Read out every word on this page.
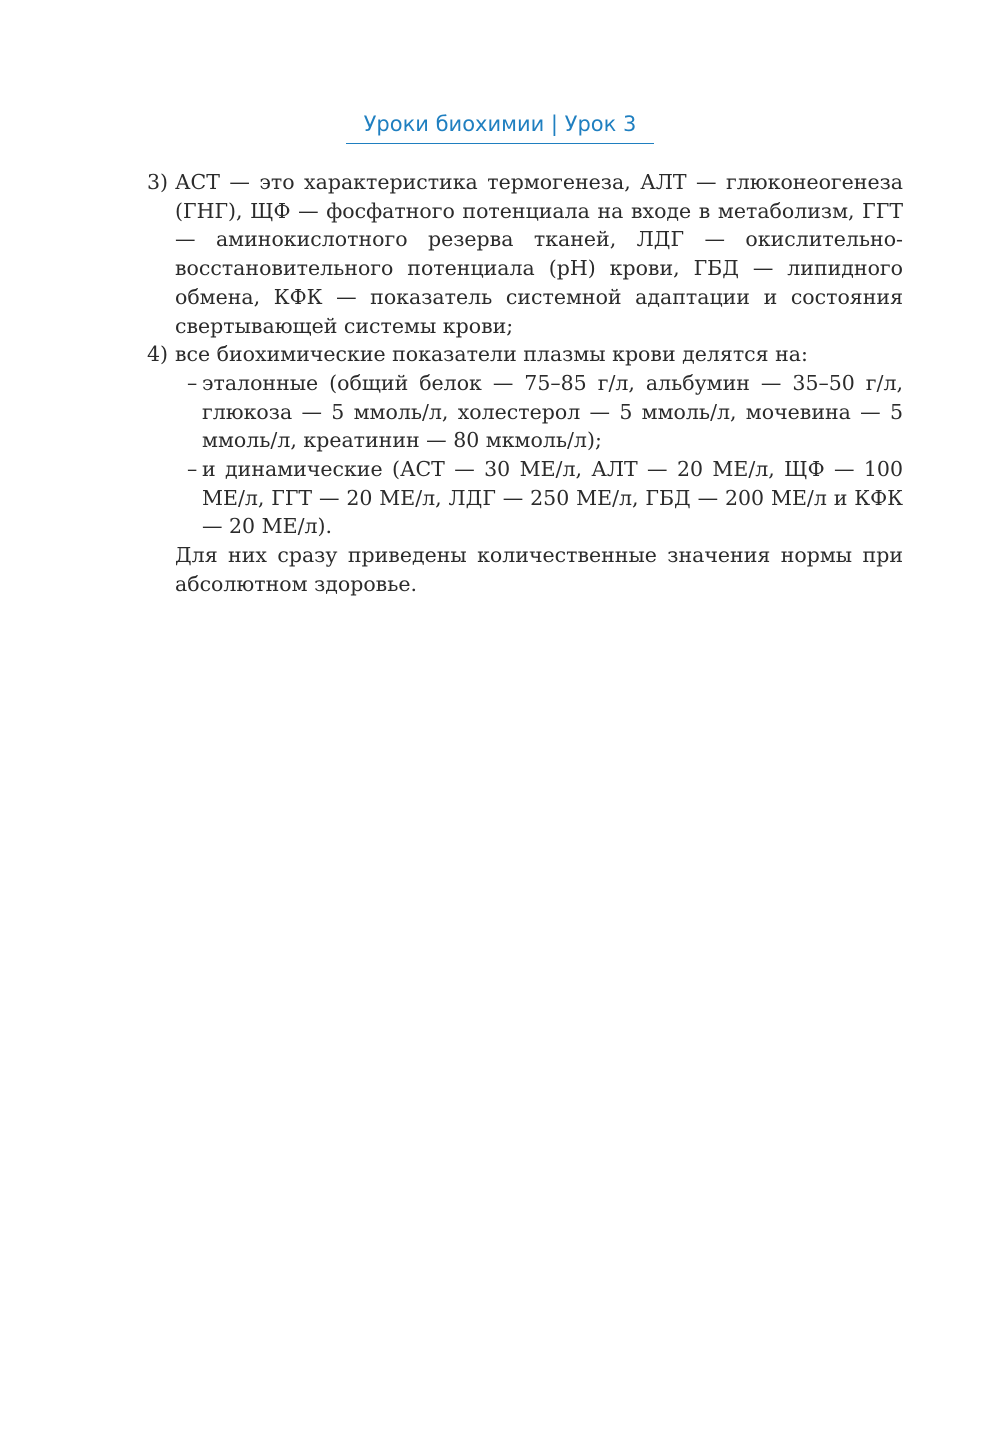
Уроки биохимии | Урок 3
3) АСТ — это характеристика термогенеза, АЛТ — глюконеогенеза (ГНГ), ЩФ — фосфатного потенциала на входе в метаболизм, ГГТ — аминокислотного резерва тканей, ЛДГ — окислительно-восстановительного потенциала (рН) крови, ГБД — липидного обмена, КФК — показатель системной адаптации и состояния свертывающей системы крови;
4) все биохимические показатели плазмы крови делятся на:
– эталонные (общий белок — 75–85 г/л, альбумин — 35–50 г/л, глюкоза — 5 ммоль/л, холестерол — 5 ммоль/л, мочевина — 5 ммоль/л, креатинин — 80 мкмоль/л);
– и динамические (АСТ — 30 МЕ/л, АЛТ — 20 МЕ/л, ЩФ — 100 МЕ/л, ГГТ — 20 МЕ/л, ЛДГ — 250 МЕ/л, ГБД — 200 МЕ/л и КФК — 20 МЕ/л).
Для них сразу приведены количественные значения нормы при абсолютном здоровье.
